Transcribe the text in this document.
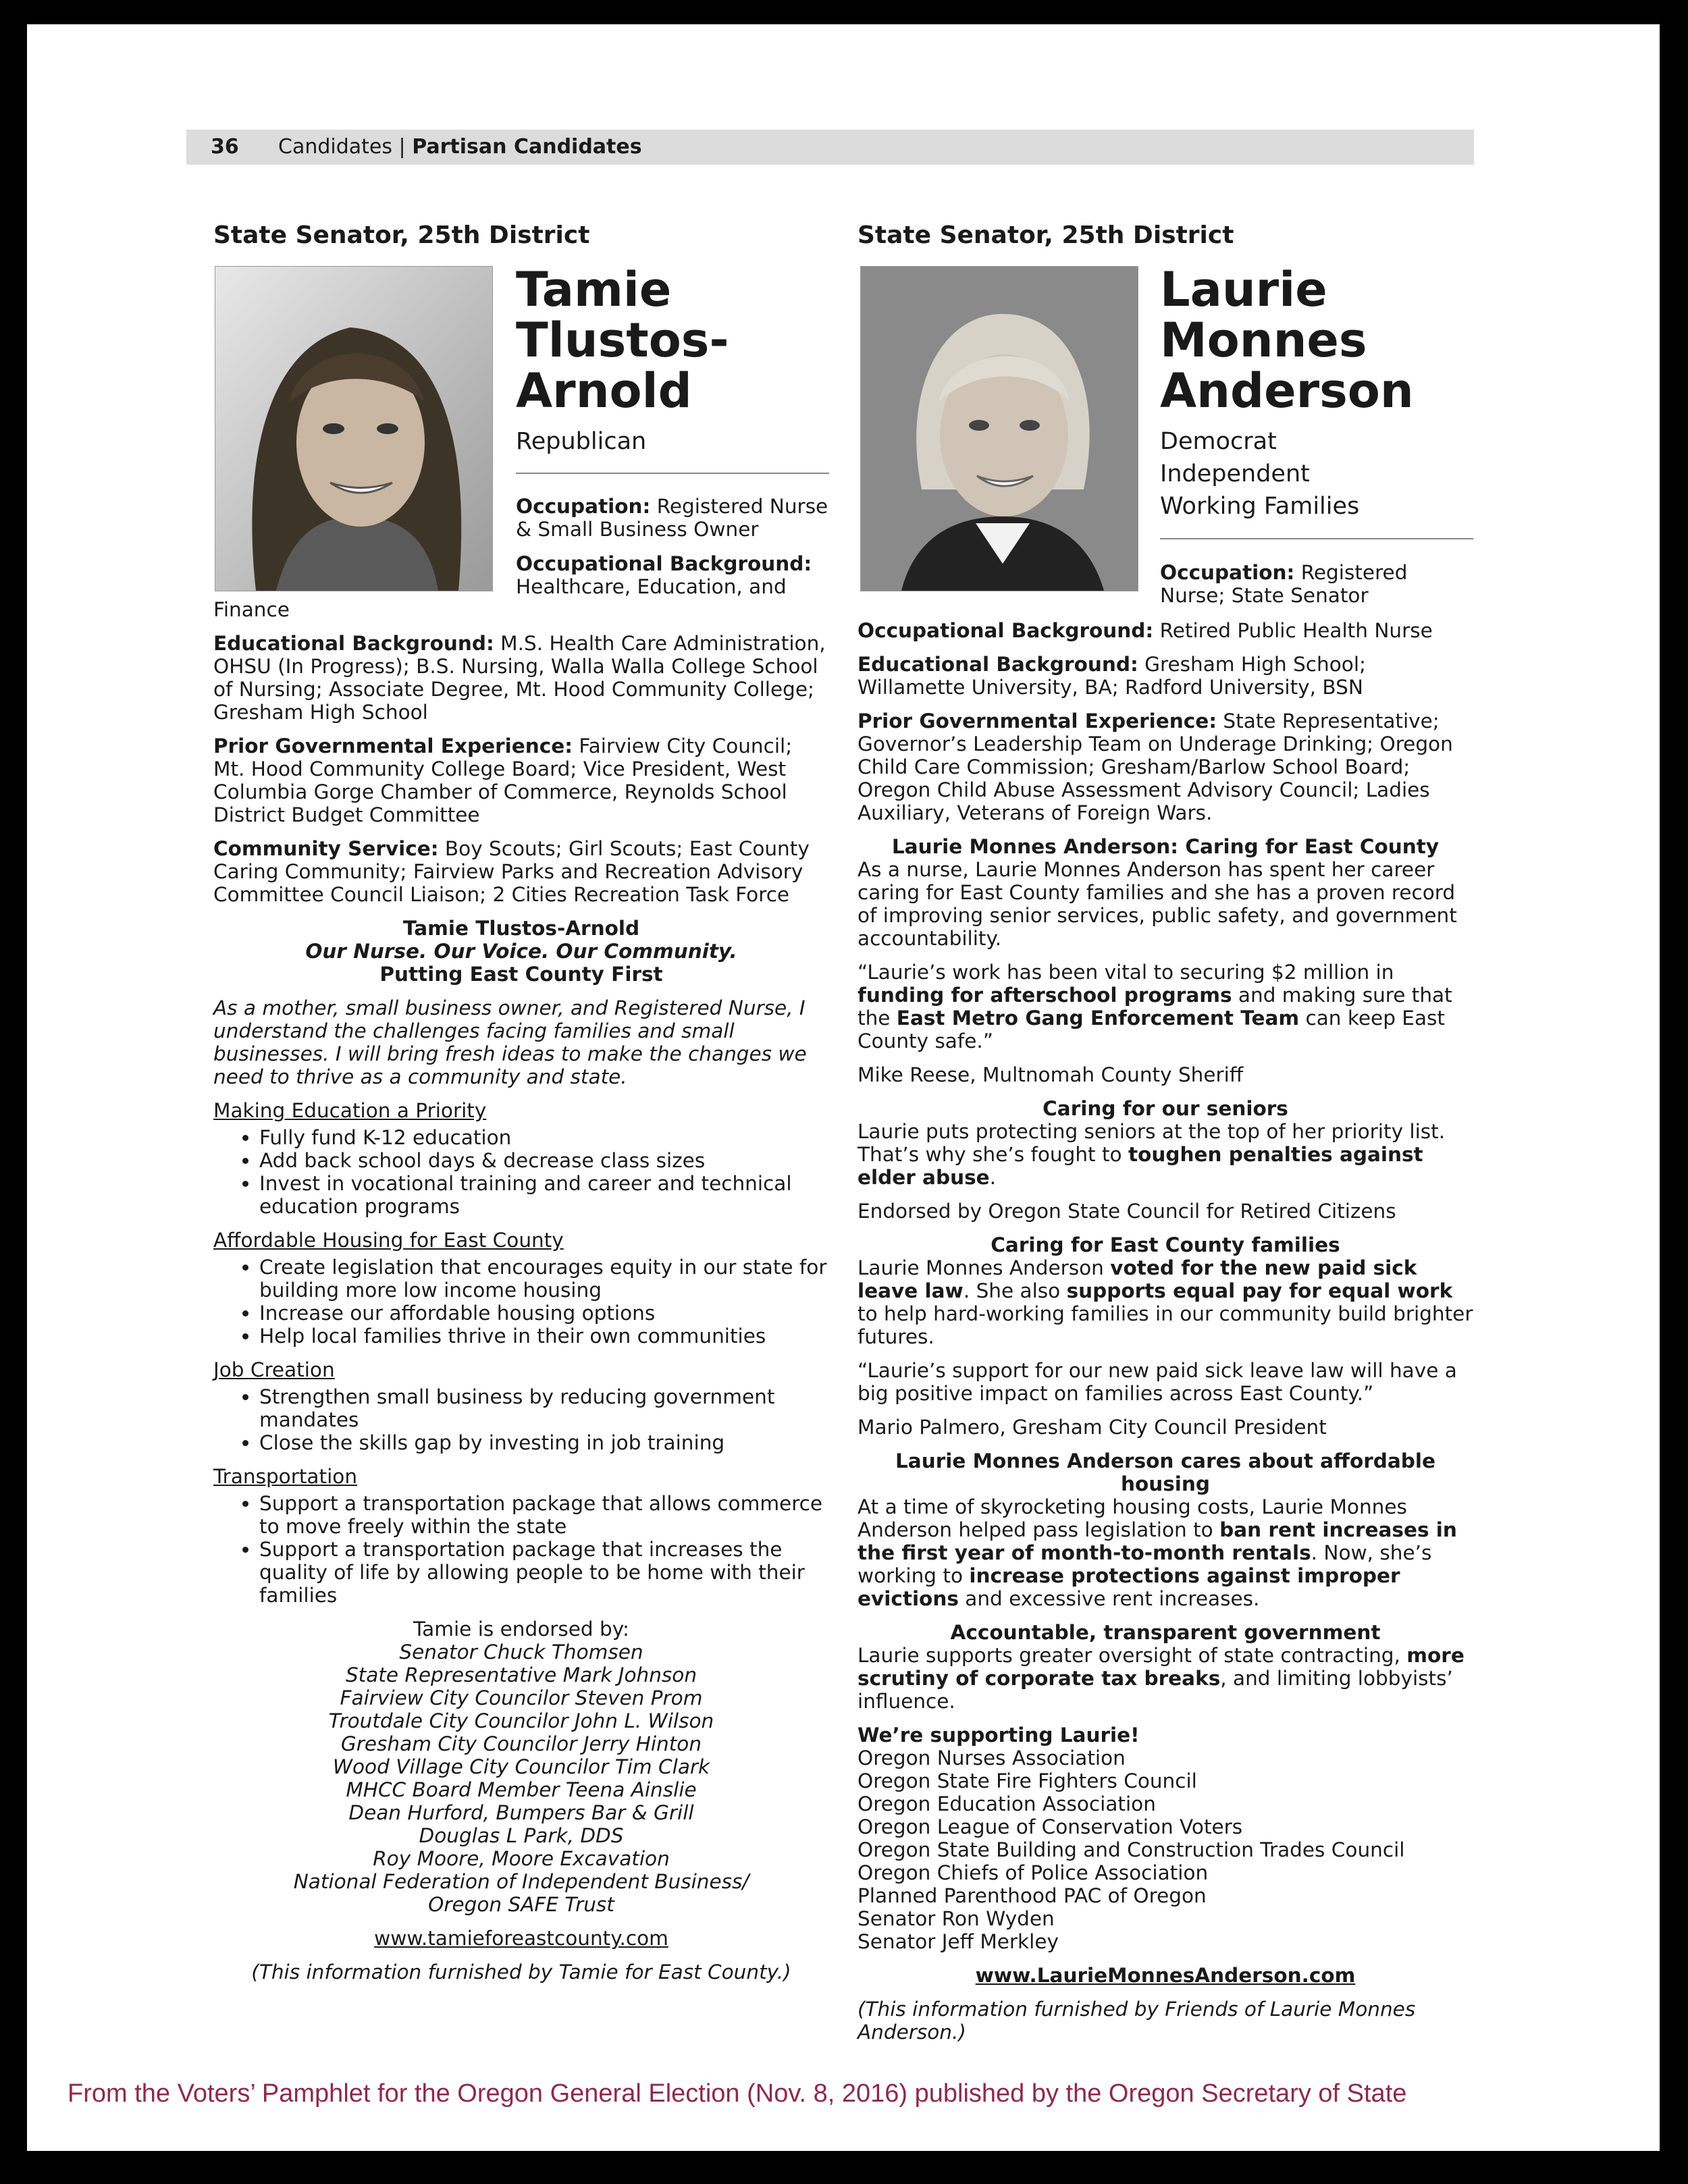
36 Candidates | Partisan Candidates
State Senator, 25th District
Tamie
Tlustos-
Arnold
Republican
Occupation: Registered Nurse & Small Business Owner
Occupational Background: Healthcare, Education, and

Finance

Educational Background: M.S. Health Care Administration, OHSU (In Progress); B.S. Nursing, Walla Walla College School of Nursing; Associate Degree, Mt. Hood Community College; Gresham High School

Prior Governmental Experience: Fairview City Council; Mt. Hood Community College Board; Vice President, West Columbia Gorge Chamber of Commerce, Reynolds School District Budget Committee

Community Service: Boy Scouts; Girl Scouts; East County Caring Community; Fairview Parks and Recreation Advisory Committee Council Liaison; 2 Cities Recreation Task Force

Tamie Tlustos-Arnold
Our Nurse. Our Voice. Our Community.
Putting East County First

As a mother, small business owner, and Registered Nurse, I understand the challenges facing families and small businesses. I will bring fresh ideas to make the changes we need to thrive as a community and state.

Making Education a Priority
• Fully fund K-12 education
• Add back school days & decrease class sizes
• Invest in vocational training and career and technical education programs
Affordable Housing for East County
• Create legislation that encourages equity in our state for building more low income housing
• Increase our affordable housing options
• Help local families thrive in their own communities
Job Creation
• Strengthen small business by reducing government mandates
• Close the skills gap by investing in job training
Transportation
• Support a transportation package that allows commerce to move freely within the state
• Support a transportation package that increases the quality of life by allowing people to be home with their families
Tamie is endorsed by:
Senator Chuck Thomsen
State Representative Mark Johnson
Fairview City Councilor Steven Prom
Troutdale City Councilor John L. Wilson
Gresham City Councilor Jerry Hinton
Wood Village City Councilor Tim Clark
MHCC Board Member Teena Ainslie
Dean Hurford, Bumpers Bar & Grill
Douglas L Park, DDS
Roy Moore, Moore Excavation
National Federation of Independent Business/
Oregon SAFE Trust
www.tamieforeastcounty.com
(This information furnished by Tamie for East County.)
State Senator, 25th District
Laurie
Monnes
Anderson
Democrat
Independent
Working Families
Occupation: Registered Nurse; State Senator

Occupational Background: Retired Public Health Nurse

Educational Background: Gresham High School; Willamette University, BA; Radford University, BSN

Prior Governmental Experience: State Representative; Governor’s Leadership Team on Underage Drinking; Oregon Child Care Commission; Gresham/Barlow School Board; Oregon Child Abuse Assessment Advisory Council; Ladies Auxiliary, Veterans of Foreign Wars.

Laurie Monnes Anderson: Caring for East County

As a nurse, Laurie Monnes Anderson has spent her career caring for East County families and she has a proven record of improving senior services, public safety, and government accountability.

“Laurie’s work has been vital to securing $2 million in funding for afterschool programs and making sure that the East Metro Gang Enforcement Team can keep East County safe.”

Mike Reese, Multnomah County Sheriff

Caring for our seniors

Laurie puts protecting seniors at the top of her priority list. That’s why she’s fought to toughen penalties against elder abuse.

Endorsed by Oregon State Council for Retired Citizens

Caring for East County families

Laurie Monnes Anderson voted for the new paid sick leave law. She also supports equal pay for equal work to help hard-working families in our community build brighter futures.

“Laurie’s support for our new paid sick leave law will have a big positive impact on families across East County.”

Mario Palmero, Gresham City Council President

Laurie Monnes Anderson cares about affordable housing

At a time of skyrocketing housing costs, Laurie Monnes Anderson helped pass legislation to ban rent increases in the first year of month-to-month rentals. Now, she’s working to increase protections against improper evictions and excessive rent increases.

Accountable, transparent government

Laurie supports greater oversight of state contracting, more scrutiny of corporate tax breaks, and limiting lobbyists’ influence.

We’re supporting Laurie!
Oregon Nurses Association
Oregon State Fire Fighters Council
Oregon Education Association
Oregon League of Conservation Voters
Oregon State Building and Construction Trades Council
Oregon Chiefs of Police Association
Planned Parenthood PAC of Oregon
Senator Ron Wyden
Senator Jeff Merkley
www.LaurieMonnesAnderson.com
(This information furnished by Friends of Laurie Monnes Anderson.)
From the Voters’ Pamphlet for the Oregon General Election (Nov. 8, 2016) published by the Oregon Secretary of State
